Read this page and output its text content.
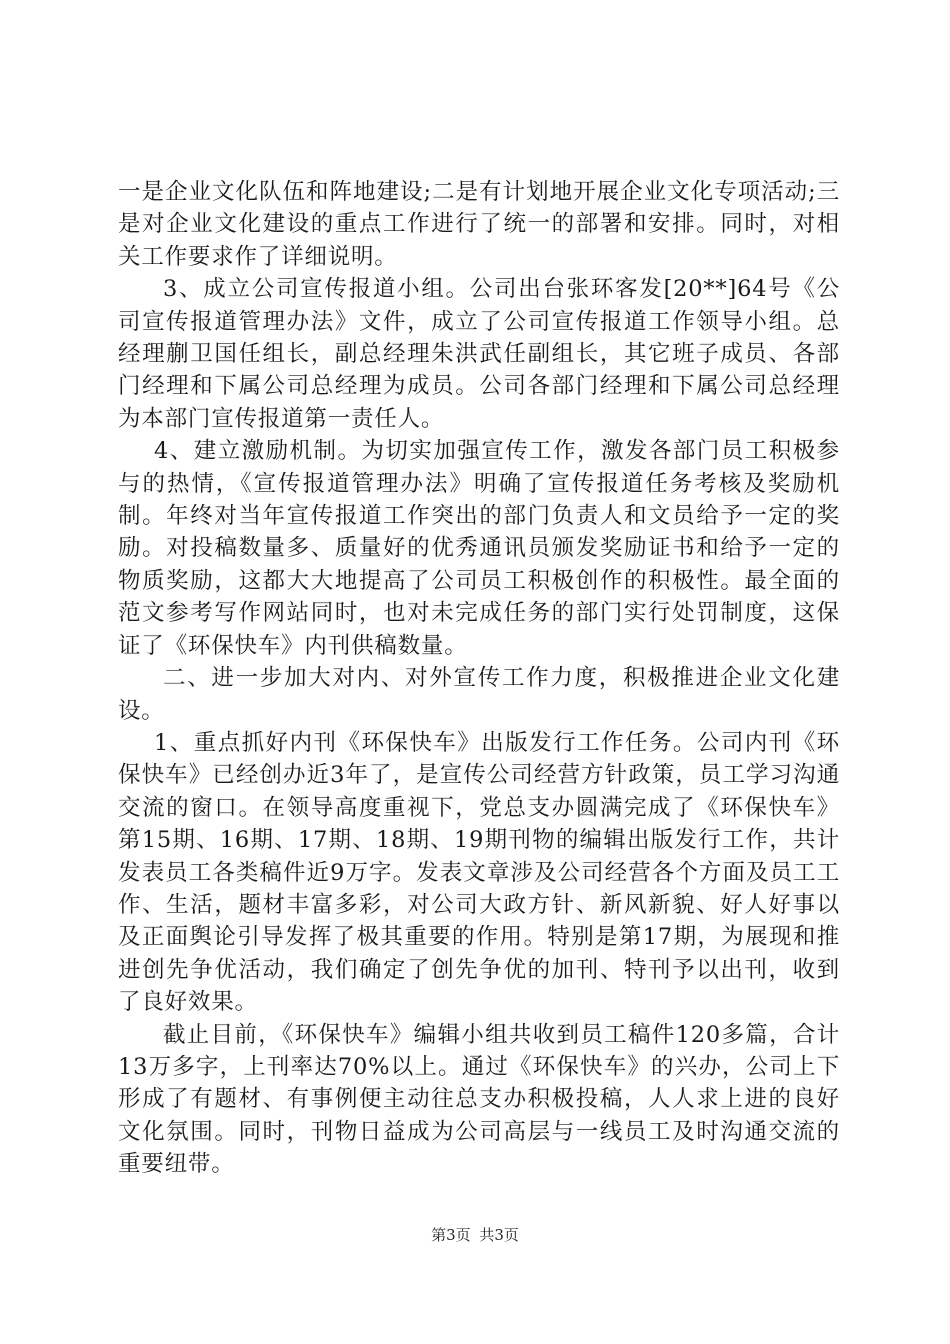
一是企业文化队伍和阵地建设;二是有计划地开展企业文化专项活动;三是对企业文化建设的重点工作进行了统一的部署和安排。同时，对相关工作要求作了详细说明。

3、成立公司宣传报道小组。公司出台张环客发[20**]64号《公司宣传报道管理办法》文件，成立了公司宣传报道工作领导小组。总经理蒯卫国任组长，副总经理朱洪武任副组长，其它班子成员、各部门经理和下属公司总经理为成员。公司各部门经理和下属公司总经理为本部门宣传报道第一责任人。

4、建立激励机制。为切实加强宣传工作，激发各部门员工积极参与的热情，《宣传报道管理办法》明确了宣传报道任务考核及奖励机制。年终对当年宣传报道工作突出的部门负责人和文员给予一定的奖励。对投稿数量多、质量好的优秀通讯员颁发奖励证书和给予一定的物质奖励，这都大大地提高了公司员工积极创作的积极性。最全面的范文参考写作网站同时，也对未完成任务的部门实行处罚制度，这保证了《环保快车》内刊供稿数量。

二、进一步加大对内、对外宣传工作力度，积极推进企业文化建设。

1、重点抓好内刊《环保快车》出版发行工作任务。公司内刊《环保快车》已经创办近3年了，是宣传公司经营方针政策，员工学习沟通交流的窗口。在领导高度重视下，党总支办圆满完成了《环保快车》第15期、16期、17期、18期、19期刊物的编辑出版发行工作，共计发表员工各类稿件近9万字。发表文章涉及公司经营各个方面及员工工作、生活，题材丰富多彩，对公司大政方针、新风新貌、好人好事以及正面舆论引导发挥了极其重要的作用。特别是第17期，为展现和推进创先争优活动，我们确定了创先争优的加刊、特刊予以出刊，收到了良好效果。

截止目前，《环保快车》编辑小组共收到员工稿件120多篇，合计13万多字，上刊率达70%以上。通过《环保快车》的兴办，公司上下形成了有题材、有事例便主动往总支办积极投稿，人人求上进的良好文化氛围。同时，刊物日益成为公司高层与一线员工及时沟通交流的重要纽带。

第3页 共3页
